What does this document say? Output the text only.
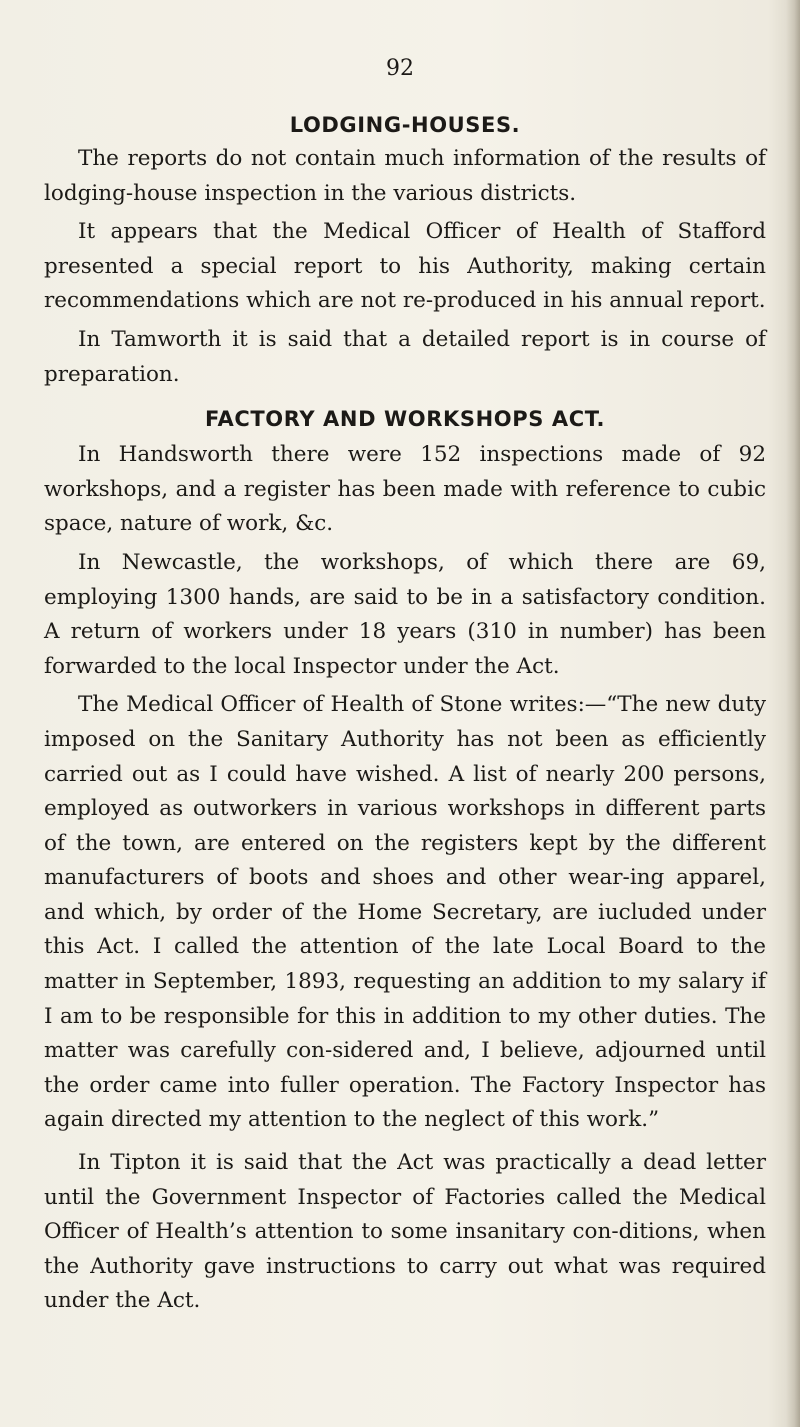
92
LODGING-HOUSES.

The reports do not contain much information of the results of lodging-house inspection in the various districts.

It appears that the Medical Officer of Health of Stafford presented a special report to his Authority, making certain recommendations which are not re-produced in his annual report.

In Tamworth it is said that a detailed report is in course of preparation.

FACTORY AND WORKSHOPS ACT.

In Handsworth there were 152 inspections made of 92 workshops, and a register has been made with reference to cubic space, nature of work, &c.

In Newcastle, the workshops, of which there are 69, employing 1300 hands, are said to be in a satisfactory condition. A return of workers under 18 years (310 in number) has been forwarded to the local Inspector under the Act.

The Medical Officer of Health of Stone writes:—“The new duty imposed on the Sanitary Authority has not been as efficiently carried out as I could have wished. A list of nearly 200 persons, employed as outworkers in various workshops in different parts of the town, are entered on the registers kept by the different manufacturers of boots and shoes and other wear-ing apparel, and which, by order of the Home Secretary, are iucluded under this Act. I called the attention of the late Local Board to the matter in September, 1893, requesting an addition to my salary if I am to be responsible for this in addition to my other duties. The matter was carefully con-sidered and, I believe, adjourned until the order came into fuller operation. The Factory Inspector has again directed my attention to the neglect of this work.”

In Tipton it is said that the Act was practically a dead letter until the Government Inspector of Factories called the Medical Officer of Health’s attention to some insanitary con-ditions, when the Authority gave instructions to carry out what was required under the Act.
